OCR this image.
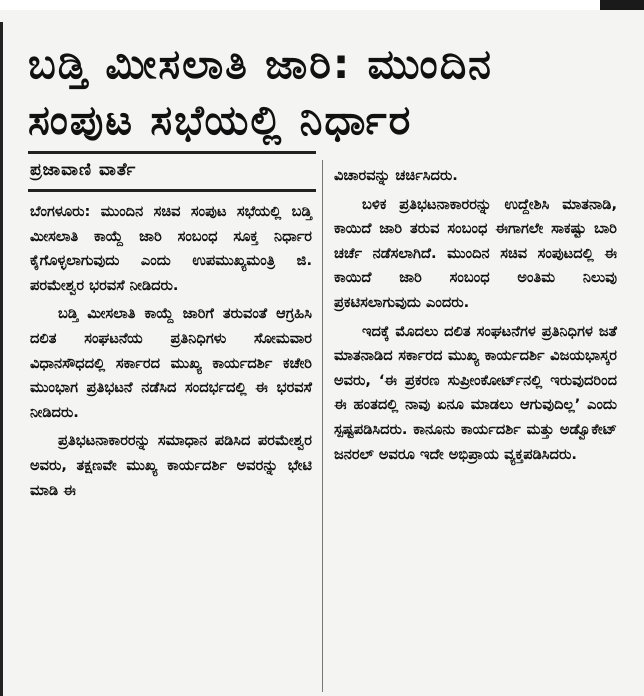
ಬಡ್ತಿ ಮೀಸಲಾತಿ ಜಾರಿ: ಮುಂದಿನ
ಸಂಪುಟ ಸಭೆಯಲ್ಲಿ ನಿರ್ಧಾರ
ಪ್ರಜಾವಾಣಿ ವಾರ್ತೆ

ಬೆಂಗಳೂರು: ಮುಂದಿನ ಸಚಿವ ಸಂಪುಟ ಸಭೆಯಲ್ಲಿ ಬಡ್ತಿ ಮೀಸಲಾತಿ ಕಾಯ್ದೆ ಜಾರಿ ಸಂಬಂಧ ಸೂಕ್ತ ನಿರ್ಧಾರ ಕೈಗೊಳ್ಳಲಾಗುವುದು ಎಂದು ಉಪಮುಖ್ಯಮಂತ್ರಿ ಜಿ. ಪರಮೇಶ್ವರ ಭರವಸೆ ನೀಡಿದರು.

ಬಡ್ತಿ ಮೀಸಲಾತಿ ಕಾಯ್ದೆ ಜಾರಿಗೆ ತರುವಂತೆ ಆಗ್ರಹಿಸಿ ದಲಿತ ಸಂಘಟನೆಯ ಪ್ರತಿನಿಧಿಗಳು ಸೋಮವಾರ ವಿಧಾನಸೌಧದಲ್ಲಿ ಸರ್ಕಾರದ ಮುಖ್ಯ ಕಾರ್ಯದರ್ಶಿ ಕಚೇರಿ ಮುಂಭಾಗ ಪ್ರತಿಭಟನೆ ನಡೆಸಿದ ಸಂದರ್ಭದಲ್ಲಿ ಈ ಭರವಸೆ ನೀಡಿದರು.

ಪ್ರತಿಭಟನಾಕಾರರನ್ನು ಸಮಾಧಾನ ಪಡಿಸಿದ ಪರಮೇಶ್ವರ ಅವರು, ತಕ್ಷಣವೇ ಮುಖ್ಯ ಕಾರ್ಯದರ್ಶಿ ಅವರನ್ನು ಭೇಟಿ ಮಾಡಿ ಈ

ವಿಚಾರವನ್ನು ಚರ್ಚಿಸಿದರು.

ಬಳಿಕ ಪ್ರತಿಭಟನಾಕಾರರನ್ನು ಉದ್ದೇಶಿಸಿ ಮಾತನಾಡಿ, ಕಾಯಿದೆ ಜಾರಿ ತರುವ ಸಂಬಂಧ ಈಗಾಗಲೇ ಸಾಕಷ್ಟು ಬಾರಿ ಚರ್ಚೆ ನಡೆಸಲಾಗಿದೆ. ಮುಂದಿನ ಸಚಿವ ಸಂಪುಟದಲ್ಲಿ ಈ ಕಾಯಿದೆ ಜಾರಿ ಸಂಬಂಧ ಅಂತಿಮ ನಿಲುವು ಪ್ರಕಟಿಸಲಾಗುವುದು ಎಂದರು.

ಇದಕ್ಕೆ ಮೊದಲು ದಲಿತ ಸಂಘಟನೆಗಳ ಪ್ರತಿನಿಧಿಗಳ ಜತೆ ಮಾತನಾಡಿದ ಸರ್ಕಾರದ ಮುಖ್ಯ ಕಾರ್ಯದರ್ಶಿ ವಿಜಯಭಾಸ್ಕರ ಅವರು, ‘ಈ ಪ್ರಕರಣ ಸುಪ್ರೀಂಕೋರ್ಟ್‌ನಲ್ಲಿ ಇರುವುದರಿಂದ ಈ ಹಂತದಲ್ಲಿ ನಾವು ಏನೂ ಮಾಡಲು ಆಗುವುದಿಲ್ಲ’ ಎಂದು ಸ್ಪಷ್ಟಪಡಿಸಿದರು. ಕಾನೂನು ಕಾರ್ಯದರ್ಶಿ ಮತ್ತು ಅಡ್ವೊಕೇಟ್ ಜನರಲ್ ಅವರೂ ಇದೇ ಅಭಿಪ್ರಾಯ ವ್ಯಕ್ತಪಡಿಸಿದರು.
